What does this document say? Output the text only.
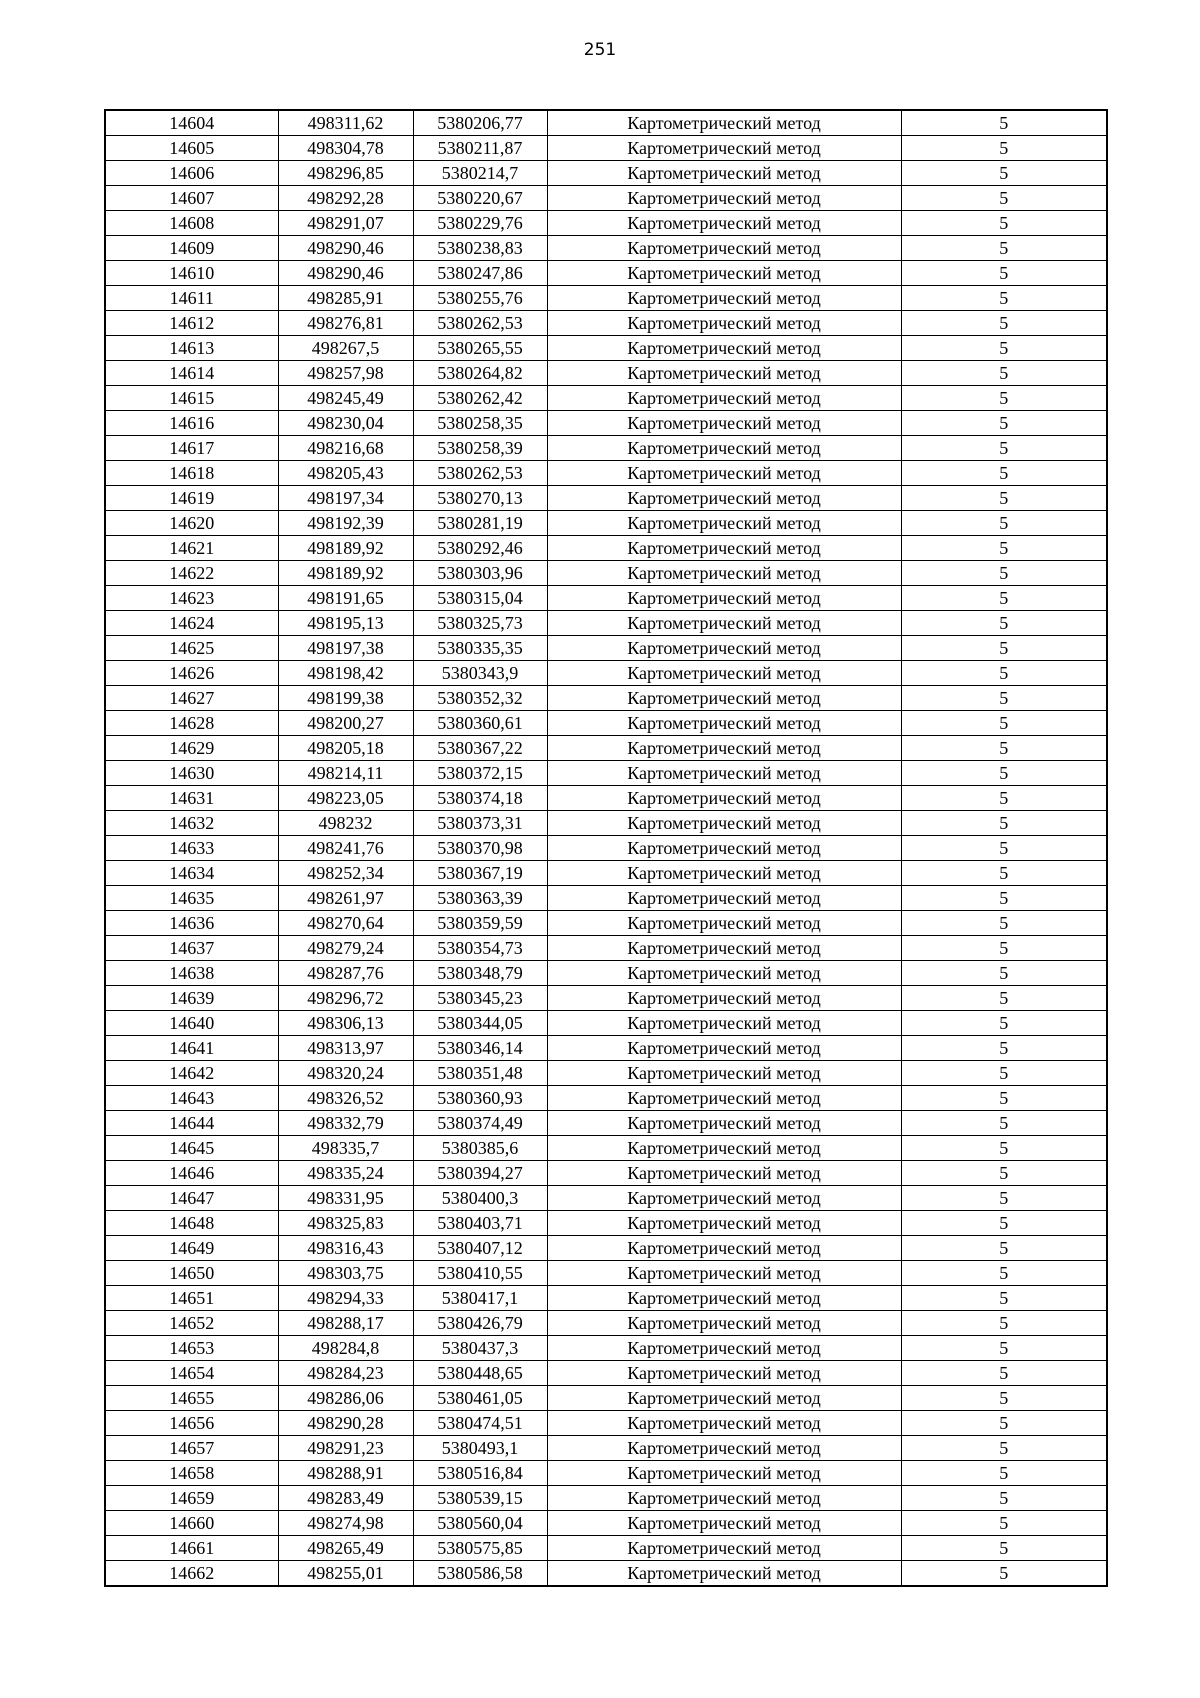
251
14604	498311,62	5380206,77	Картометрический метод	5
14605	498304,78	5380211,87	Картометрический метод	5
14606	498296,85	5380214,7	Картометрический метод	5
14607	498292,28	5380220,67	Картометрический метод	5
14608	498291,07	5380229,76	Картометрический метод	5
14609	498290,46	5380238,83	Картометрический метод	5
14610	498290,46	5380247,86	Картометрический метод	5
14611	498285,91	5380255,76	Картометрический метод	5
14612	498276,81	5380262,53	Картометрический метод	5
14613	498267,5	5380265,55	Картометрический метод	5
14614	498257,98	5380264,82	Картометрический метод	5
14615	498245,49	5380262,42	Картометрический метод	5
14616	498230,04	5380258,35	Картометрический метод	5
14617	498216,68	5380258,39	Картометрический метод	5
14618	498205,43	5380262,53	Картометрический метод	5
14619	498197,34	5380270,13	Картометрический метод	5
14620	498192,39	5380281,19	Картометрический метод	5
14621	498189,92	5380292,46	Картометрический метод	5
14622	498189,92	5380303,96	Картометрический метод	5
14623	498191,65	5380315,04	Картометрический метод	5
14624	498195,13	5380325,73	Картометрический метод	5
14625	498197,38	5380335,35	Картометрический метод	5
14626	498198,42	5380343,9	Картометрический метод	5
14627	498199,38	5380352,32	Картометрический метод	5
14628	498200,27	5380360,61	Картометрический метод	5
14629	498205,18	5380367,22	Картометрический метод	5
14630	498214,11	5380372,15	Картометрический метод	5
14631	498223,05	5380374,18	Картометрический метод	5
14632	498232	5380373,31	Картометрический метод	5
14633	498241,76	5380370,98	Картометрический метод	5
14634	498252,34	5380367,19	Картометрический метод	5
14635	498261,97	5380363,39	Картометрический метод	5
14636	498270,64	5380359,59	Картометрический метод	5
14637	498279,24	5380354,73	Картометрический метод	5
14638	498287,76	5380348,79	Картометрический метод	5
14639	498296,72	5380345,23	Картометрический метод	5
14640	498306,13	5380344,05	Картометрический метод	5
14641	498313,97	5380346,14	Картометрический метод	5
14642	498320,24	5380351,48	Картометрический метод	5
14643	498326,52	5380360,93	Картометрический метод	5
14644	498332,79	5380374,49	Картометрический метод	5
14645	498335,7	5380385,6	Картометрический метод	5
14646	498335,24	5380394,27	Картометрический метод	5
14647	498331,95	5380400,3	Картометрический метод	5
14648	498325,83	5380403,71	Картометрический метод	5
14649	498316,43	5380407,12	Картометрический метод	5
14650	498303,75	5380410,55	Картометрический метод	5
14651	498294,33	5380417,1	Картометрический метод	5
14652	498288,17	5380426,79	Картометрический метод	5
14653	498284,8	5380437,3	Картометрический метод	5
14654	498284,23	5380448,65	Картометрический метод	5
14655	498286,06	5380461,05	Картометрический метод	5
14656	498290,28	5380474,51	Картометрический метод	5
14657	498291,23	5380493,1	Картометрический метод	5
14658	498288,91	5380516,84	Картометрический метод	5
14659	498283,49	5380539,15	Картометрический метод	5
14660	498274,98	5380560,04	Картометрический метод	5
14661	498265,49	5380575,85	Картометрический метод	5
14662	498255,01	5380586,58	Картометрический метод	5
